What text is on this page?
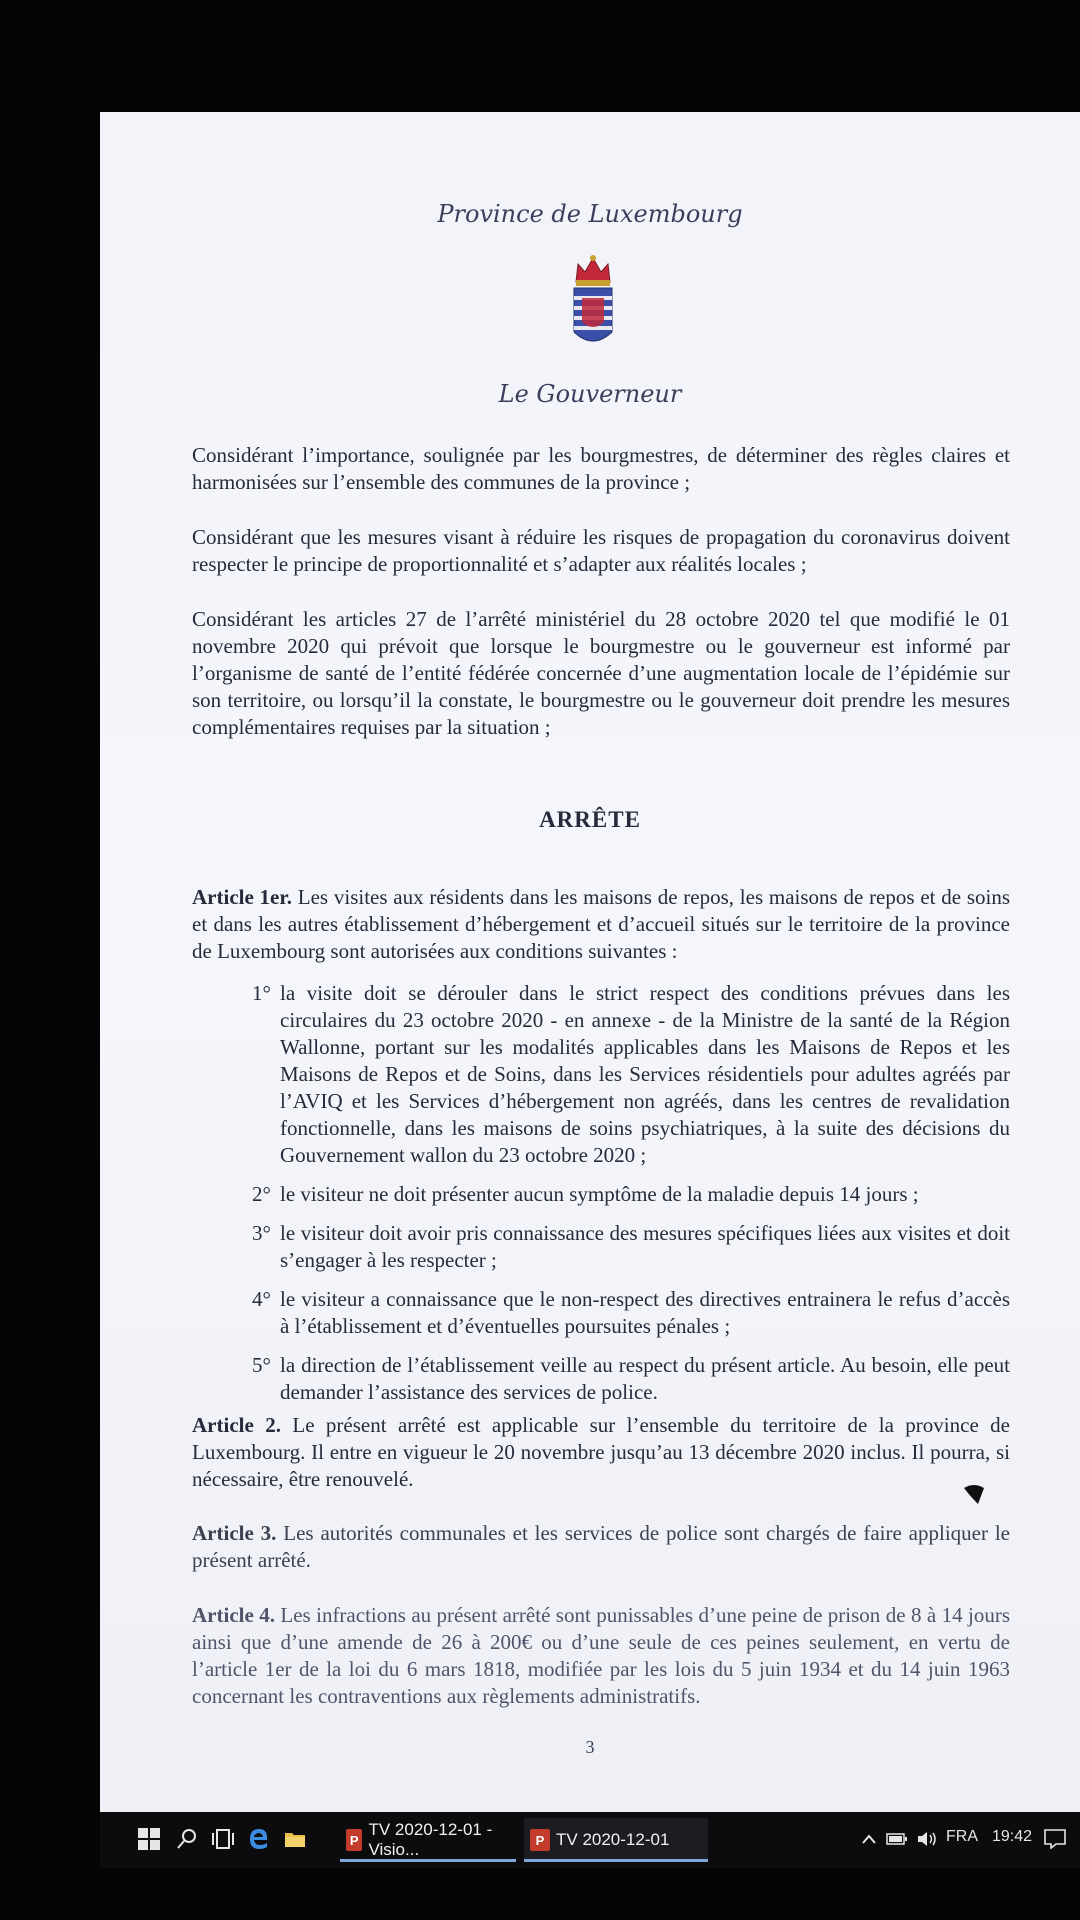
Province de Luxembourg
Le Gouverneur

Considérant l’importance, soulignée par les bourgmestres, de déterminer des règles claires et harmonisées sur l’ensemble des communes de la province ;

Considérant que les mesures visant à réduire les risques de propagation du coronavirus doivent respecter le principe de proportionnalité et s’adapter aux réalités locales ;

Considérant les articles 27 de l’arrêté ministériel du 28 octobre 2020 tel que modifié le 01 novembre 2020 qui prévoit que lorsque le bourgmestre ou le gouverneur est informé par l’organisme de santé de l’entité fédérée concernée d’une augmentation locale de l’épidémie sur son territoire, ou lorsqu’il la constate, le bourgmestre ou le gouverneur doit prendre les mesures complémentaires requises par la situation ;

ARRÊTE

Article 1er. Les visites aux résidents dans les maisons de repos, les maisons de repos et de soins et dans les autres établissement d’hébergement et d’accueil situés sur le territoire de la province de Luxembourg sont autorisées aux conditions suivantes :

1° la visite doit se dérouler dans le strict respect des conditions prévues dans les circulaires du 23 octobre 2020 - en annexe - de la Ministre de la santé de la Région Wallonne, portant sur les modalités applicables dans les Maisons de Repos et les Maisons de Repos et de Soins, dans les Services résidentiels pour adultes agréés par l’AVIQ et les Services d’hébergement non agréés, dans les centres de revalidation fonctionnelle, dans les maisons de soins psychiatriques, à la suite des décisions du Gouvernement wallon du 23 octobre 2020 ;
2° le visiteur ne doit présenter aucun symptôme de la maladie depuis 14 jours ;
3° le visiteur doit avoir pris connaissance des mesures spécifiques liées aux visites et doit s’engager à les respecter ;
4° le visiteur a connaissance que le non-respect des directives entrainera le refus d’accès à l’établissement et d’éventuelles poursuites pénales ;
5° la direction de l’établissement veille au respect du présent article. Au besoin, elle peut demander l’assistance des services de police.

Article 2. Le présent arrêté est applicable sur l’ensemble du territoire de la province de Luxembourg. Il entre en vigueur le 20 novembre jusqu’au 13 décembre 2020 inclus. Il pourra, si nécessaire, être renouvelé.

Article 3. Les autorités communales et les services de police sont chargés de faire appliquer le présent arrêté.

Article 4. Les infractions au présent arrêté sont punissables d’une peine de prison de 8 à 14 jours ainsi que d’une amende de 26 à 200€ ou d’une seule de ces peines seulement, en vertu de l’article 1er de la loi du 6 mars 1818, modifiée par les lois du 5 juin 1934 et du 14 juin 1963 concernant les contraventions aux règlements administratifs.

3
P
TV 2020-12-01 - Visio...	P TV 2020-12-01	FRA 19:42
